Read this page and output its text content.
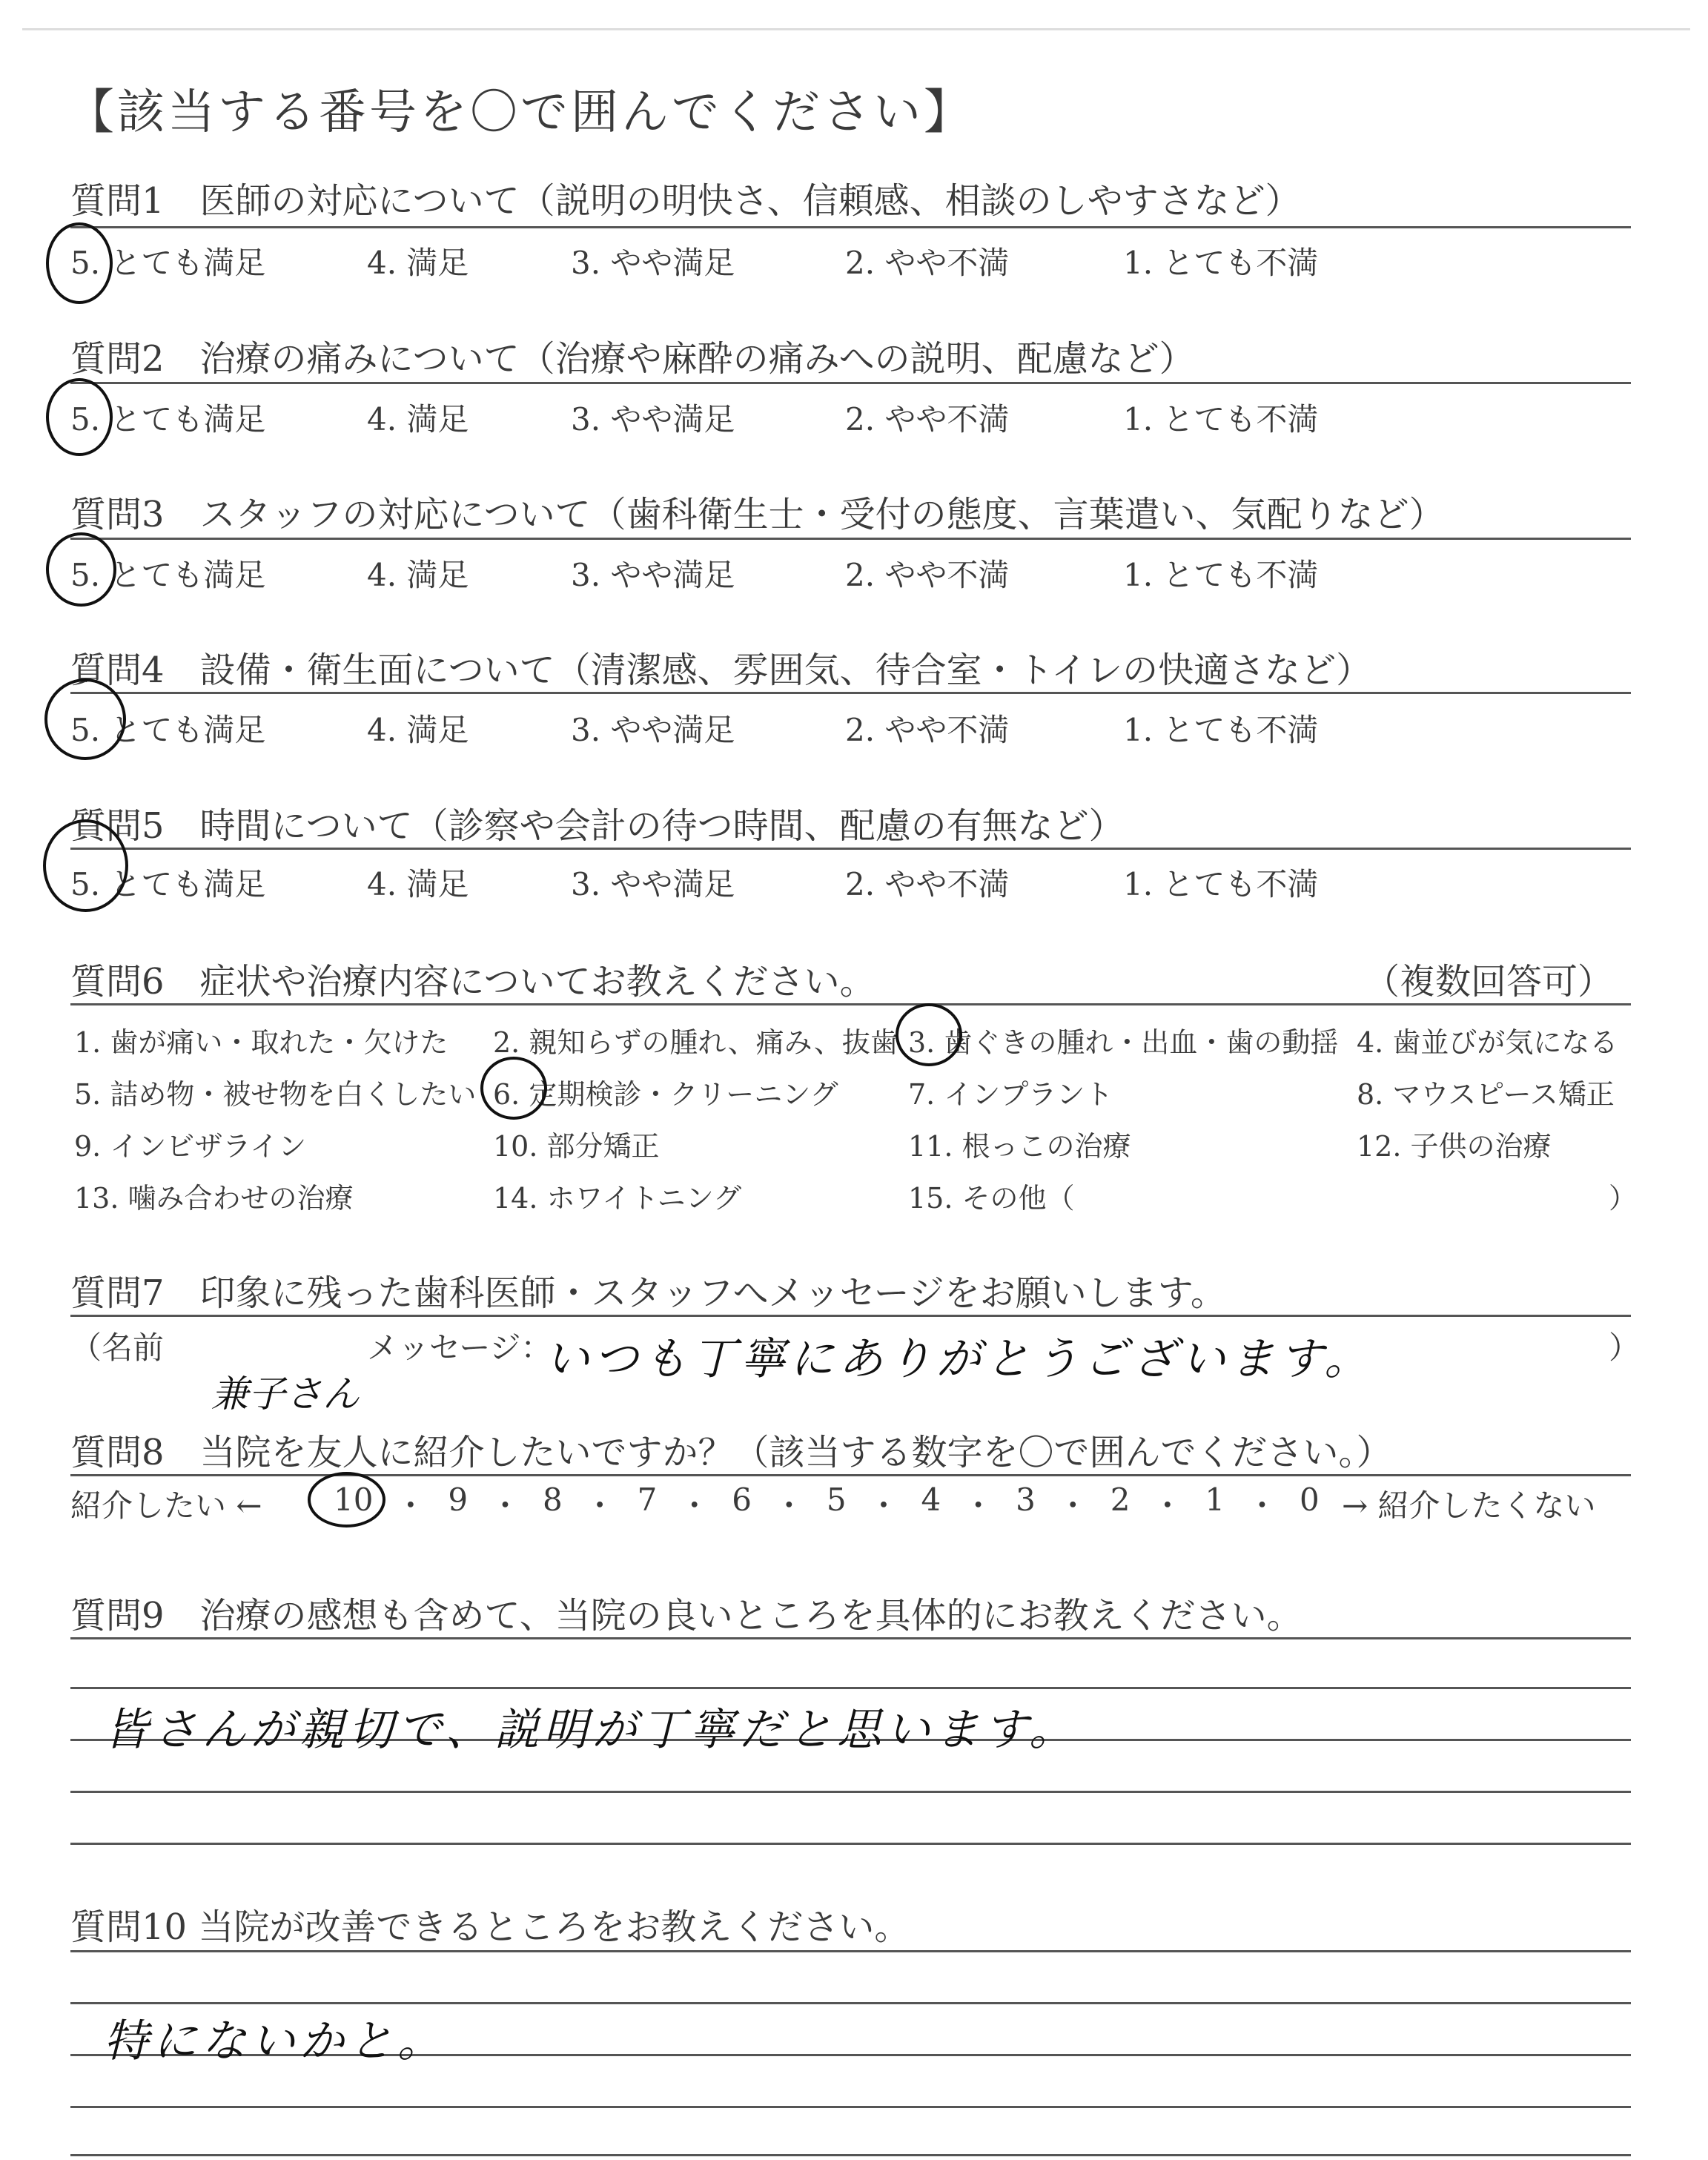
【該当する番号を〇で囲んでください】
質問1　医師の対応について（説明の明快さ、信頼感、相談のしやすさなど）
5. とても満足	4. 満足	3. やや満足	2. やや不満	1. とても不満
質問2　治療の痛みについて（治療や麻酔の痛みへの説明、配慮など）
5. とても満足	4. 満足	3. やや満足	2. やや不満	1. とても不満
質問3　スタッフの対応について（歯科衛生士・受付の態度、言葉遣い、気配りなど）
5. とても満足	4. 満足	3. やや満足	2. やや不満	1. とても不満
質問4　設備・衛生面について（清潔感、雰囲気、待合室・トイレの快適さなど）
5. とても満足	4. 満足	3. やや満足	2. やや不満	1. とても不満
質問5　時間について（診察や会計の待つ時間、配慮の有無など）
5. とても満足	4. 満足	3. やや満足	2. やや不満	1. とても不満
質問6　症状や治療内容についてお教えください。	（複数回答可）
1. 歯が痛い・取れた・欠けた 2. 親知らずの腫れ、痛み、抜歯 3. 歯ぐきの腫れ・出血・歯の動揺 4. 歯並びが気になる
5. 詰め物・被せ物を白くしたい 6. 定期検診・クリーニング 7. インプラント	8. マウスピース矯正
9. インビザライン	10. 部分矯正	11. 根っこの治療	12. 子供の治療
13. 噛み合わせの治療	14. ホワイトニング	15. その他（	）
質問7　印象に残った歯科医師・スタッフへメッセージをお願いします。
（名前	メッセージ：	）
兼子さん
いつも丁寧にありがとうございます。
質問8　当院を友人に紹介したいですか？（該当する数字を〇で囲んでください。）
紹介したい ← 10 ・ 9 ・ 8 ・ 7 ・ 6 ・ 5 ・ 4 ・ 3 ・ 2 ・ 1 ・ 0 → 紹介したくない
質問9　治療の感想も含めて、当院の良いところを具体的にお教えください。
皆さんが親切で、説明が丁寧だと思います。
質問10 当院が改善できるところをお教えください。
特にないかと。
